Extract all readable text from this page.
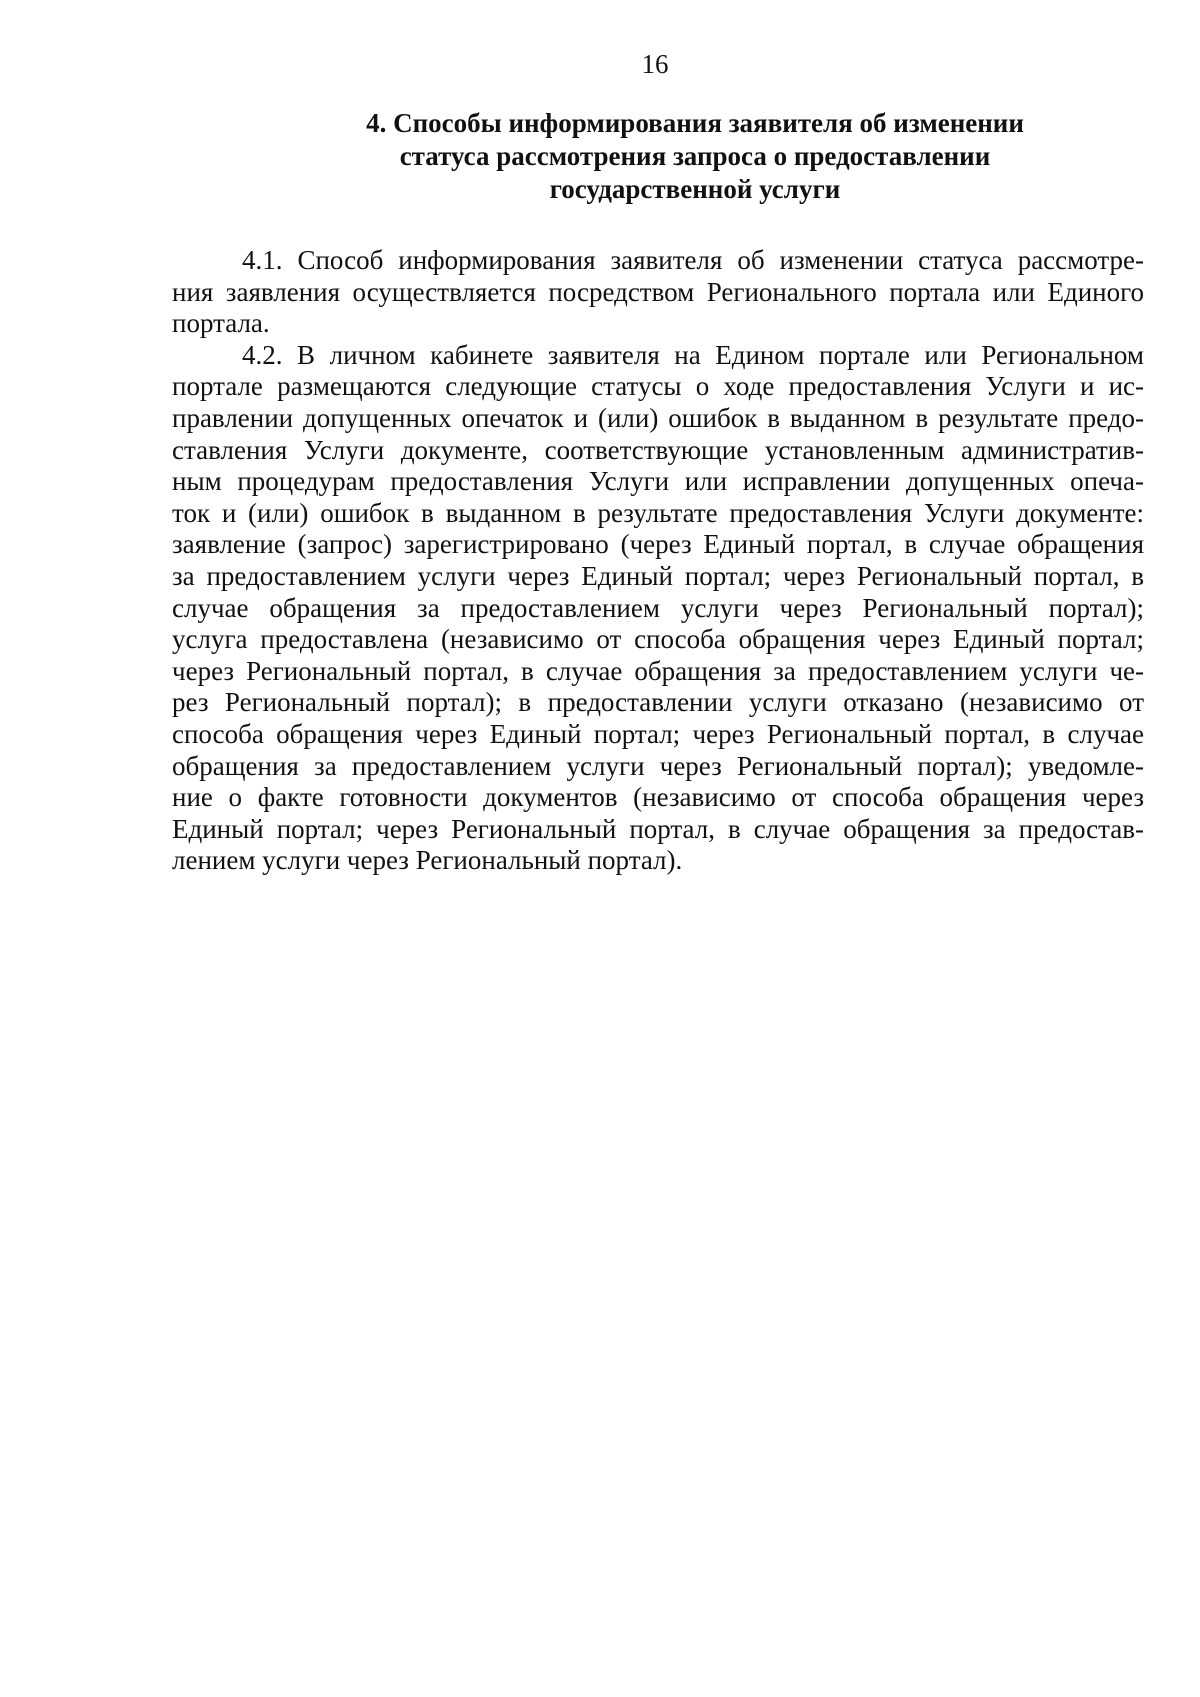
16
4. Способы информирования заявителя об изменении
статуса рассмотрения запроса о предоставлении
государственной услуги
4.1. Способ информирования заявителя об изменении статуса рассмотре-
ния заявления осуществляется посредством Регионального портала или Единого
портала.
4.2. В личном кабинете заявителя на Едином портале или Региональном
портале размещаются следующие статусы о ходе предоставления Услуги и ис-
правлении допущенных опечаток и (или) ошибок в выданном в результате предо-
ставления Услуги документе, соответствующие установленным административ-
ным процедурам предоставления Услуги или исправлении допущенных опеча-
ток и (или) ошибок в выданном в результате предоставления Услуги документе:
заявление (запрос) зарегистрировано (через Единый портал, в случае обращения
за предоставлением услуги через Единый портал; через Региональный портал, в
случае обращения за предоставлением услуги через Региональный портал);
услуга предоставлена (независимо от способа обращения через Единый портал;
через Региональный портал, в случае обращения за предоставлением услуги че-
рез Региональный портал); в предоставлении услуги отказано (независимо от
способа обращения через Единый портал; через Региональный портал, в случае
обращения за предоставлением услуги через Региональный портал); уведомле-
ние о факте готовности документов (независимо от способа обращения через
Единый портал; через Региональный портал, в случае обращения за предостав-
лением услуги через Региональный портал).
